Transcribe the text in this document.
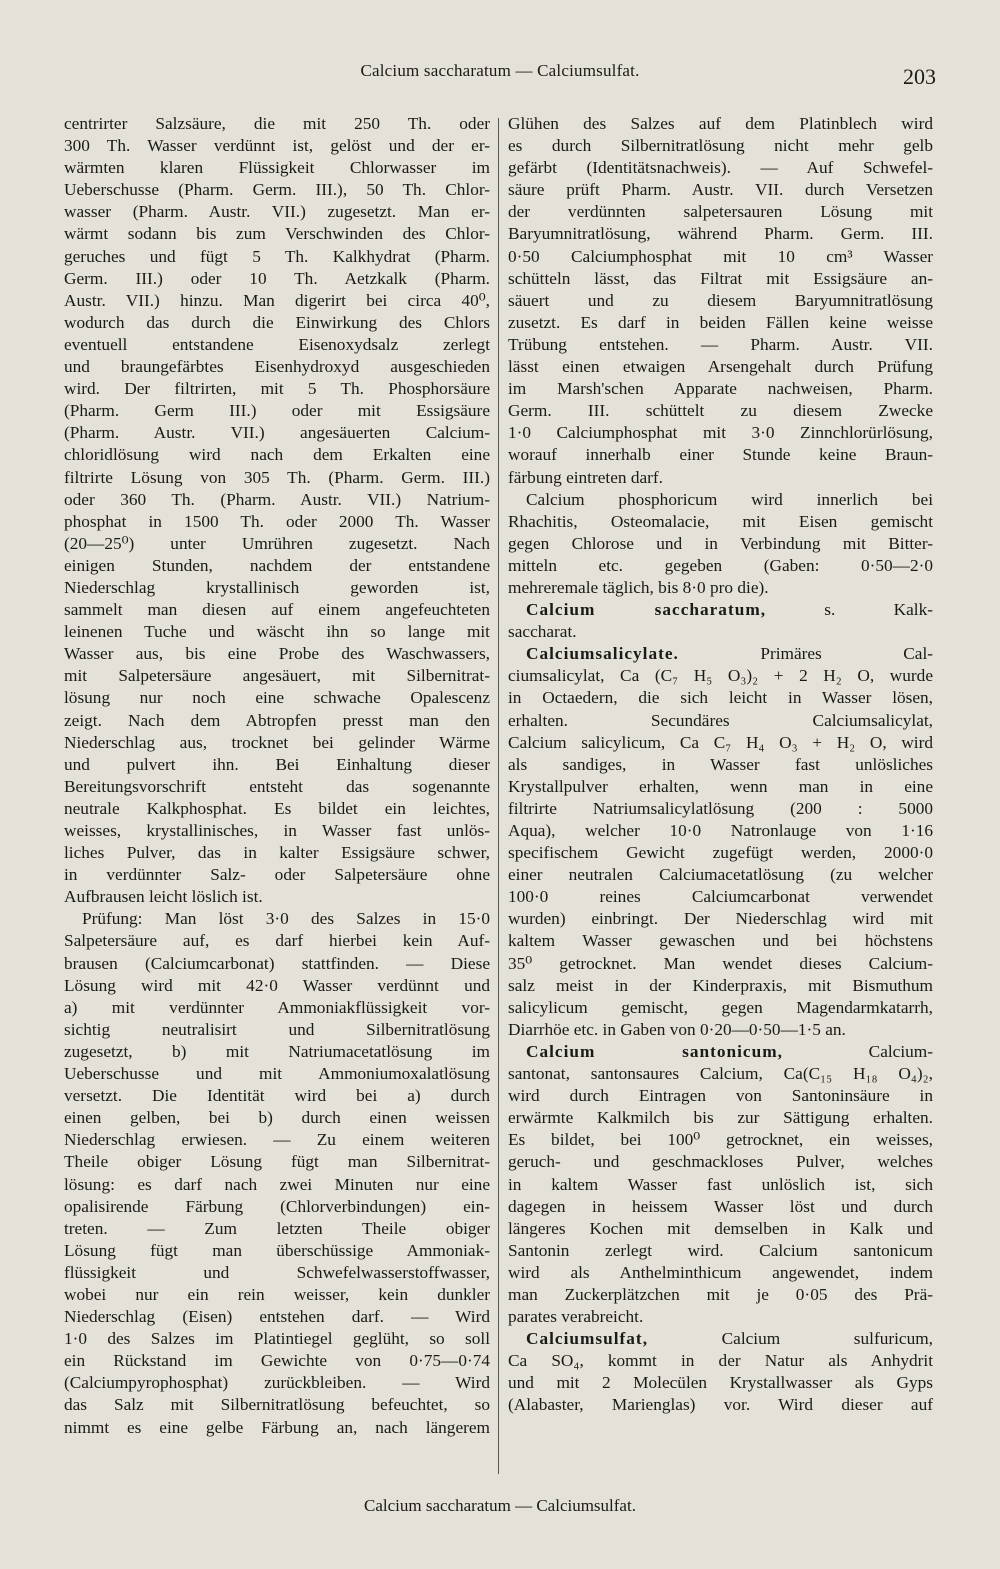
Calcium saccharatum — Calciumsulfat.	203
centrirter Salzsäure, die mit 250 Th. oder
300 Th. Wasser verdünnt ist, gelöst und der er-
wärmten klaren Flüssigkeit Chlorwasser im
Ueberschusse (Pharm. Germ. III.), 50 Th. Chlor-
wasser (Pharm. Austr. VII.) zugesetzt. Man er-
wärmt sodann bis zum Verschwinden des Chlor-
geruches und fügt 5 Th. Kalkhydrat (Pharm.
Germ. III.) oder 10 Th. Aetzkalk (Pharm.
Austr. VII.) hinzu. Man digerirt bei circa 40⁰,
wodurch das durch die Einwirkung des Chlors
eventuell entstandene Eisenoxydsalz zerlegt
und braungefärbtes Eisenhydroxyd ausgeschieden
wird. Der filtrirten, mit 5 Th. Phosphorsäure
(Pharm. Germ III.) oder mit Essigsäure
(Pharm. Austr. VII.) angesäuerten Calcium-
chloridlösung wird nach dem Erkalten eine
filtrirte Lösung von 305 Th. (Pharm. Germ. III.)
oder 360 Th. (Pharm. Austr. VII.) Natrium-
phosphat in 1500 Th. oder 2000 Th. Wasser
(20—25⁰) unter Umrühren zugesetzt. Nach
einigen Stunden, nachdem der entstandene
Niederschlag krystallinisch geworden ist,
sammelt man diesen auf einem angefeuchteten
leinenen Tuche und wäscht ihn so lange mit
Wasser aus, bis eine Probe des Waschwassers,
mit Salpetersäure angesäuert, mit Silbernitrat-
lösung nur noch eine schwache Opalescenz
zeigt. Nach dem Abtropfen presst man den
Niederschlag aus, trocknet bei gelinder Wärme
und pulvert ihn. Bei Einhaltung dieser
Bereitungsvorschrift entsteht das sogenannte
neutrale Kalkphosphat. Es bildet ein leichtes,
weisses, krystallinisches, in Wasser fast unlös-
liches Pulver, das in kalter Essigsäure schwer,
in verdünnter Salz- oder Salpetersäure ohne
Aufbrausen leicht löslich ist.
Prüfung: Man löst 3·0 des Salzes in 15·0
Salpetersäure auf, es darf hierbei kein Auf-
brausen (Calciumcarbonat) stattfinden. — Diese
Lösung wird mit 42·0 Wasser verdünnt und
a) mit verdünnter Ammoniakflüssigkeit vor-
sichtig neutralisirt und Silbernitratlösung
zugesetzt, b) mit Natriumacetatlösung im
Ueberschusse und mit Ammoniumoxalatlösung
versetzt. Die Identität wird bei a) durch
einen gelben, bei b) durch einen weissen
Niederschlag erwiesen. — Zu einem weiteren
Theile obiger Lösung fügt man Silbernitrat-
lösung: es darf nach zwei Minuten nur eine
opalisirende Färbung (Chlorverbindungen) ein-
treten. — Zum letzten Theile obiger
Lösung fügt man überschüssige Ammoniak-
flüssigkeit und Schwefelwasserstoffwasser,
wobei nur ein rein weisser, kein dunkler
Niederschlag (Eisen) entstehen darf. — Wird
1·0 des Salzes im Platintiegel geglüht, so soll
ein Rückstand im Gewichte von 0·75—0·74
(Calciumpyrophosphat) zurückbleiben. — Wird
das Salz mit Silbernitratlösung befeuchtet, so
nimmt es eine gelbe Färbung an, nach längerem
Glühen des Salzes auf dem Platinblech wird
es durch Silbernitratlösung nicht mehr gelb
gefärbt (Identitätsnachweis). — Auf Schwefel-
säure prüft Pharm. Austr. VII. durch Versetzen
der verdünnten salpetersauren Lösung mit
Baryumnitratlösung, während Pharm. Germ. III.
0·50 Calciumphosphat mit 10 cm³ Wasser
schütteln lässt, das Filtrat mit Essigsäure an-
säuert und zu diesem Baryumnitratlösung
zusetzt. Es darf in beiden Fällen keine weisse
Trübung entstehen. — Pharm. Austr. VII.
lässt einen etwaigen Arsengehalt durch Prüfung
im Marsh'schen Apparate nachweisen, Pharm.
Germ. III. schüttelt zu diesem Zwecke
1·0 Calciumphosphat mit 3·0 Zinnchlorürlösung,
worauf innerhalb einer Stunde keine Braun-
färbung eintreten darf.
Calcium phosphoricum wird innerlich bei
Rhachitis, Osteomalacie, mit Eisen gemischt
gegen Chlorose und in Verbindung mit Bitter-
mitteln etc. gegeben (Gaben: 0·50—2·0
mehreremale täglich, bis 8·0 pro die).
Calcium saccharatum, s. Kalk-
saccharat.
Calciumsalicylate. Primäres Cal-
ciumsalicylat, Ca (C₇ H₅ O₃)₂ + 2 H₂ O, wurde
in Octaedern, die sich leicht in Wasser lösen,
erhalten. Secundäres Calciumsalicylat,
Calcium salicylicum, Ca C₇ H₄ O₃ + H₂ O, wird
als sandiges, in Wasser fast unlösliches
Krystallpulver erhalten, wenn man in eine
filtrirte Natriumsalicylatlösung (200 : 5000
Aqua), welcher 10·0 Natronlauge von 1·16
specifischem Gewicht zugefügt werden, 2000·0
einer neutralen Calciumacetatlösung (zu welcher
100·0 reines Calciumcarbonat verwendet
wurden) einbringt. Der Niederschlag wird mit
kaltem Wasser gewaschen und bei höchstens
35⁰ getrocknet. Man wendet dieses Calcium-
salz meist in der Kinderpraxis, mit Bismuthum
salicylicum gemischt, gegen Magendarmkatarrh,
Diarrhöe etc. in Gaben von 0·20—0·50—1·5 an.
Calcium santonicum, Calcium-
santonat, santonsaures Calcium, Ca(C₁₅ H₁₈ O₄)₂,
wird durch Eintragen von Santoninsäure in
erwärmte Kalkmilch bis zur Sättigung erhalten.
Es bildet, bei 100⁰ getrocknet, ein weisses,
geruch- und geschmackloses Pulver, welches
in kaltem Wasser fast unlöslich ist, sich
dagegen in heissem Wasser löst und durch
längeres Kochen mit demselben in Kalk und
Santonin zerlegt wird. Calcium santonicum
wird als Anthelminthicum angewendet, indem
man Zuckerplätzchen mit je 0·05 des Prä-
parates verabreicht.
Calciumsulfat, Calcium sulfuricum,
Ca SO₄, kommt in der Natur als Anhydrit
und mit 2 Molecülen Krystallwasser als Gyps
(Alabaster, Marienglas) vor. Wird dieser auf
Calcium saccharatum — Calciumsulfat.
